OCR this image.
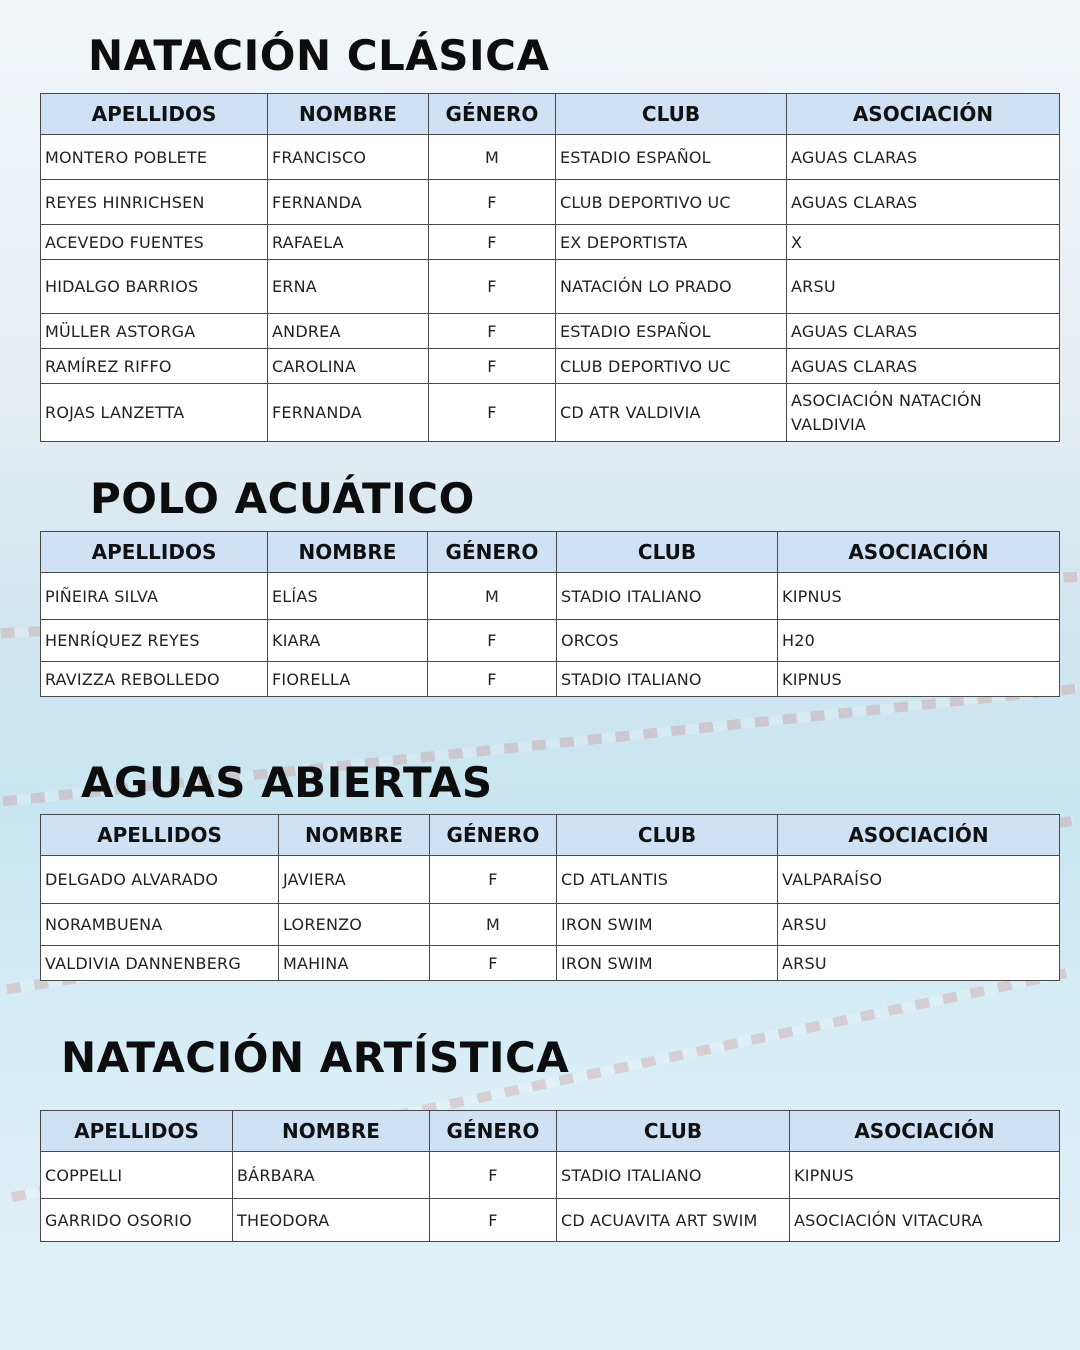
NATACIÓN CLÁSICA
APELLIDOS	NOMBRE	GÉNERO	CLUB	ASOCIACIÓN
MONTERO POBLETE	FRANCISCO	M	ESTADIO ESPAÑOL	AGUAS CLARAS
REYES HINRICHSEN	FERNANDA	F	CLUB DEPORTIVO UC	AGUAS CLARAS
ACEVEDO FUENTES	RAFAELA	F	EX DEPORTISTA	X
HIDALGO BARRIOS	ERNA	F	NATACIÓN LO PRADO	ARSU
MÜLLER ASTORGA	ANDREA	F	ESTADIO ESPAÑOL	AGUAS CLARAS
RAMÍREZ RIFFO	CAROLINA	F	CLUB DEPORTIVO UC	AGUAS CLARAS
ROJAS LANZETTA	FERNANDA	F	CD ATR VALDIVIA	ASOCIACIÓN NATACIÓN VALDIVIA
POLO ACUÁTICO
APELLIDOS	NOMBRE	GÉNERO	CLUB	ASOCIACIÓN
PIÑEIRA SILVA	ELÍAS	M	STADIO ITALIANO	KIPNUS
HENRÍQUEZ REYES	KIARA	F	ORCOS	H20
RAVIZZA REBOLLEDO	FIORELLA	F	STADIO ITALIANO	KIPNUS
AGUAS ABIERTAS
APELLIDOS	NOMBRE	GÉNERO	CLUB	ASOCIACIÓN
DELGADO ALVARADO	JAVIERA	F	CD ATLANTIS	VALPARAÍSO
NORAMBUENA	LORENZO	M	IRON SWIM	ARSU
VALDIVIA DANNENBERG	MAHINA	F	IRON SWIM	ARSU
NATACIÓN ARTÍSTICA
APELLIDOS	NOMBRE	GÉNERO	CLUB	ASOCIACIÓN
COPPELLI	BÁRBARA	F	STADIO ITALIANO	KIPNUS
GARRIDO OSORIO	THEODORA	F	CD ACUAVITA ART SWIM	ASOCIACIÓN VITACURA
